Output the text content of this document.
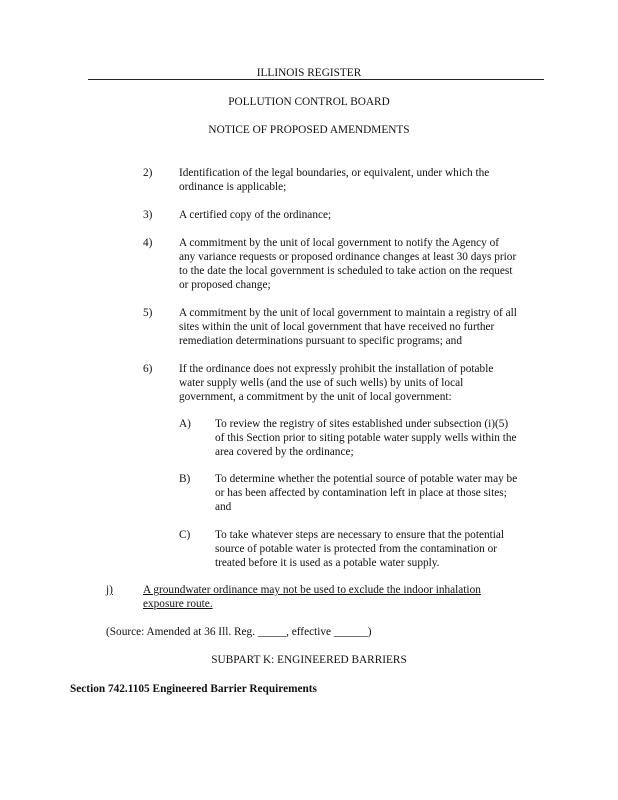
ILLINOIS REGISTER
POLLUTION CONTROL BOARD
NOTICE OF PROPOSED AMENDMENTS
2) Identification of the legal boundaries, or equivalent, under which the
ordinance is applicable;
3) A certified copy of the ordinance;
4) A commitment by the unit of local government to notify the Agency of
any variance requests or proposed ordinance changes at least 30 days prior
to the date the local government is scheduled to take action on the request
or proposed change;
5) A commitment by the unit of local government to maintain a registry of all
sites within the unit of local government that have received no further
remediation determinations pursuant to specific programs; and
6) If the ordinance does not expressly prohibit the installation of potable
water supply wells (and the use of such wells) by units of local
government, a commitment by the unit of local government:
A) To review the registry of sites established under subsection (i)(5)
of this Section prior to siting potable water supply wells within the
area covered by the ordinance;
B) To determine whether the potential source of potable water may be
or has been affected by contamination left in place at those sites;
and
C) To take whatever steps are necessary to ensure that the potential
source of potable water is protected from the contamination or
treated before it is used as a potable water supply.
j)	A groundwater ordinance may not be used to exclude the indoor inhalation
exposure route.
(Source: Amended at 36 Ill. Reg. _____, effective ______)
SUBPART K: ENGINEERED BARRIERS
Section 742.1105 Engineered Barrier Requirements
